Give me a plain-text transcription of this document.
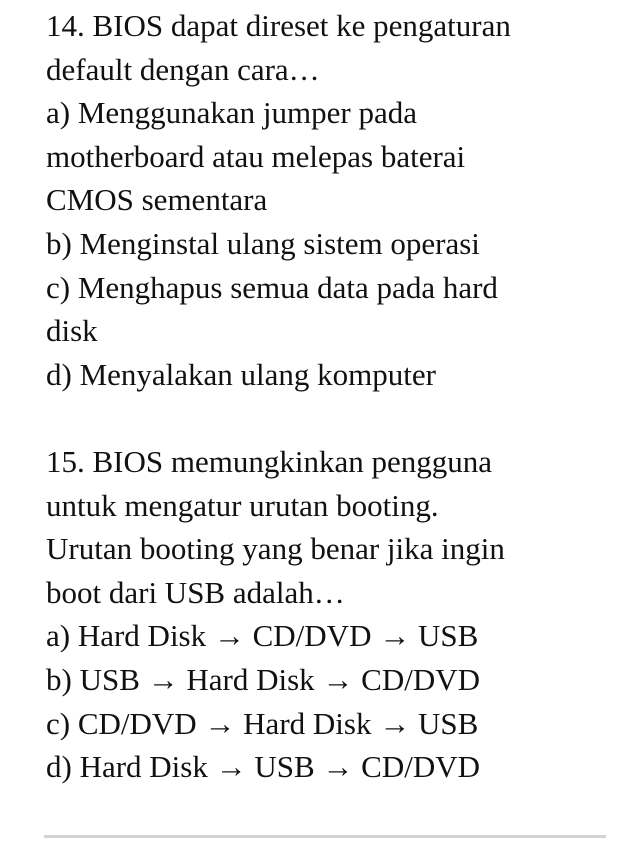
14. BIOS dapat direset ke pengaturan
default dengan cara…
a) Menggunakan jumper pada
motherboard atau melepas baterai
CMOS sementara
b) Menginstal ulang sistem operasi
c) Menghapus semua data pada hard
disk
d) Menyalakan ulang komputer
15. BIOS memungkinkan pengguna
untuk mengatur urutan booting.
Urutan booting yang benar jika ingin
boot dari USB adalah…
a) Hard Disk → CD/DVD → USB
b) USB → Hard Disk → CD/DVD
c) CD/DVD → Hard Disk → USB
d) Hard Disk → USB → CD/DVD
